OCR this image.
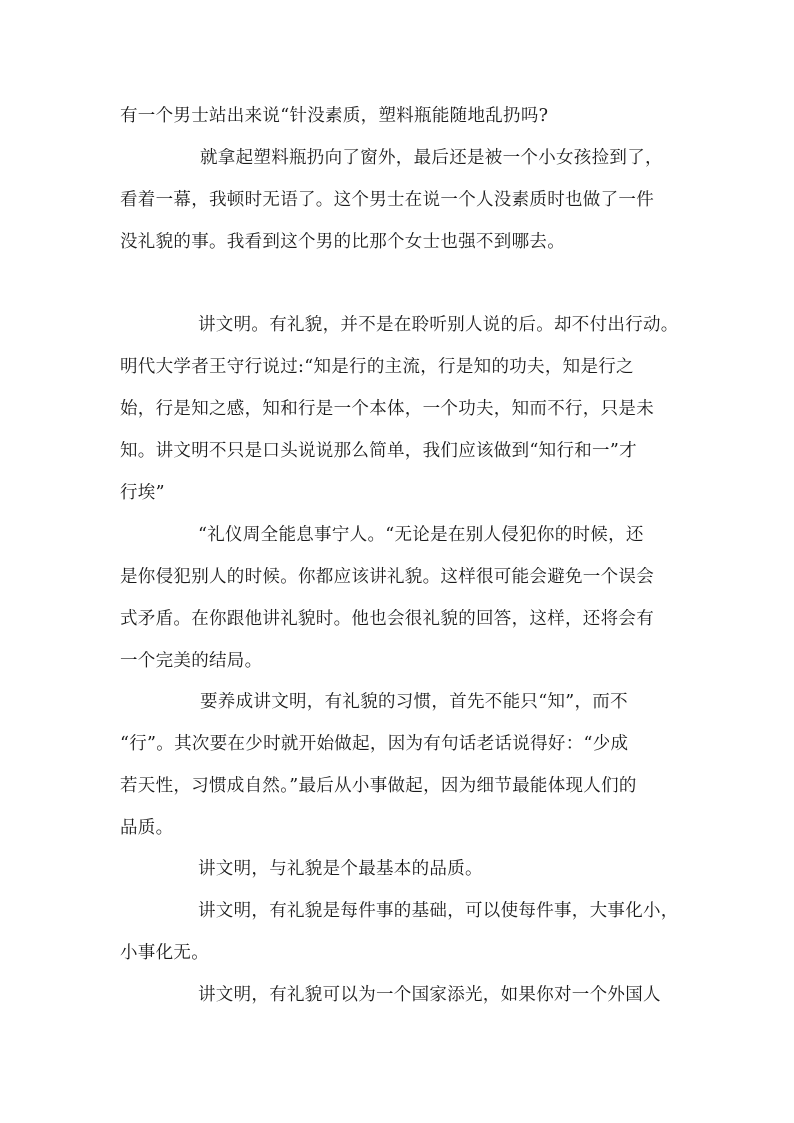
有一个男士站出来说“针没素质，塑料瓶能随地乱扔吗?
就拿起塑料瓶扔向了窗外，最后还是被一个小女孩捡到了，
看着一幕，我顿时无语了。这个男士在说一个人没素质时也做了一件
没礼貌的事。我看到这个男的比那个女士也强不到哪去。
讲文明。有礼貌，并不是在聆听别人说的后。却不付出行动。
明代大学者王守行说过:“知是行的主流，行是知的功夫，知是行之
始，行是知之感，知和行是一个本体，一个功夫，知而不行，只是未
知。讲文明不只是口头说说那么简单，我们应该做到“知行和一”才
行埃”
“礼仪周全能息事宁人。“无论是在别人侵犯你的时候，还
是你侵犯别人的时候。你都应该讲礼貌。这样很可能会避免一个误会
式矛盾。在你跟他讲礼貌时。他也会很礼貌的回答，这样，还将会有
一个完美的结局。
要养成讲文明，有礼貌的习惯，首先不能只“知”，而不
“行”。其次要在少时就开始做起，因为有句话老话说得好：“少成
若天性，习惯成自然。”最后从小事做起，因为细节最能体现人们的
品质。
讲文明，与礼貌是个最基本的品质。
讲文明，有礼貌是每件事的基础，可以使每件事，大事化小，
小事化无。
讲文明，有礼貌可以为一个国家添光，如果你对一个外国人
